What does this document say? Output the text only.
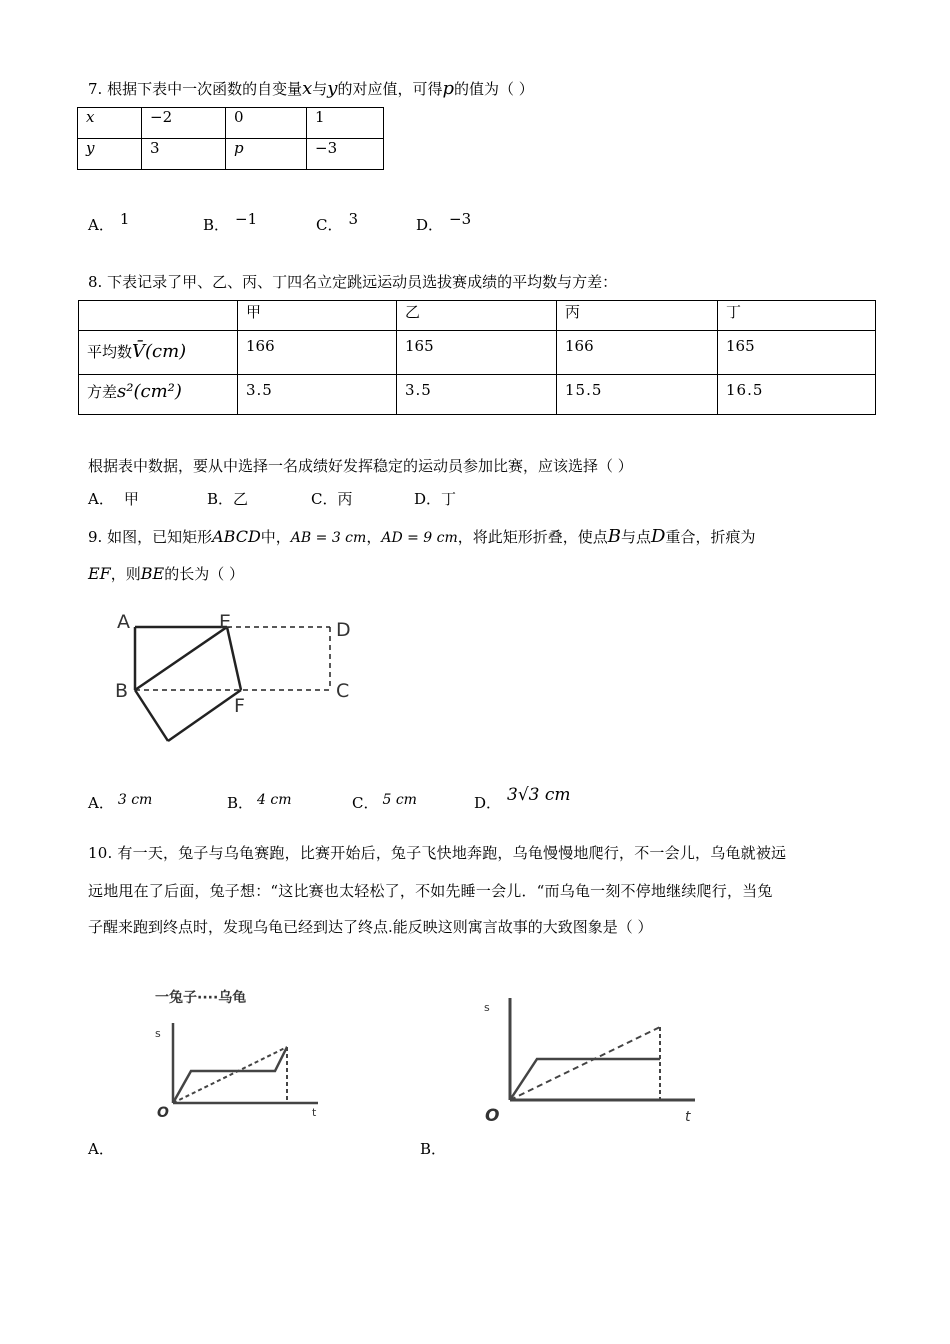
7. 根据下表中一次函数的自变量x与y的对应值，可得p的值为（ ）
x	−2	0	1
y	3	p	−3
A． 1	B． −1	C． 3	D． −3
8. 下表记录了甲、乙、丙、丁四名立定跳远运动员选拔赛成绩的平均数与方差：
	甲	乙	丙	丁
平均数V̄(cm)	166	165	166	165
方差s²(cm²)	3.5	3.5	15.5	16.5
根据表中数据，要从中选择一名成绩好发挥稳定的运动员参加比赛，应该选择（ ）
A． 甲	B．乙	C．丙	D．丁
9. 如图，已知矩形ABCD中，AB = 3 cm，AD = 9 cm，将此矩形折叠，使点B与点D重合，折痕为
EF，则BE的长为（ ）
A	E	D
B
F
C
A． 3 cm	B． 4 cm	C． 5 cm	D． 3√3 cm
10. 有一天，兔子与乌龟赛跑，比赛开始后，兔子飞快地奔跑，乌龟慢慢地爬行，不一会儿，乌龟就被远
远地甩在了后面，兔子想：“这比赛也太轻松了，不如先睡一会儿．“而乌龟一刻不停地继续爬行，当兔
子醒来跑到终点时，发现乌龟已经到达了终点.能反映这则寓言故事的大致图象是（ ）
一兔子····乌龟
s
O	t
s
O	t
A．	B．
